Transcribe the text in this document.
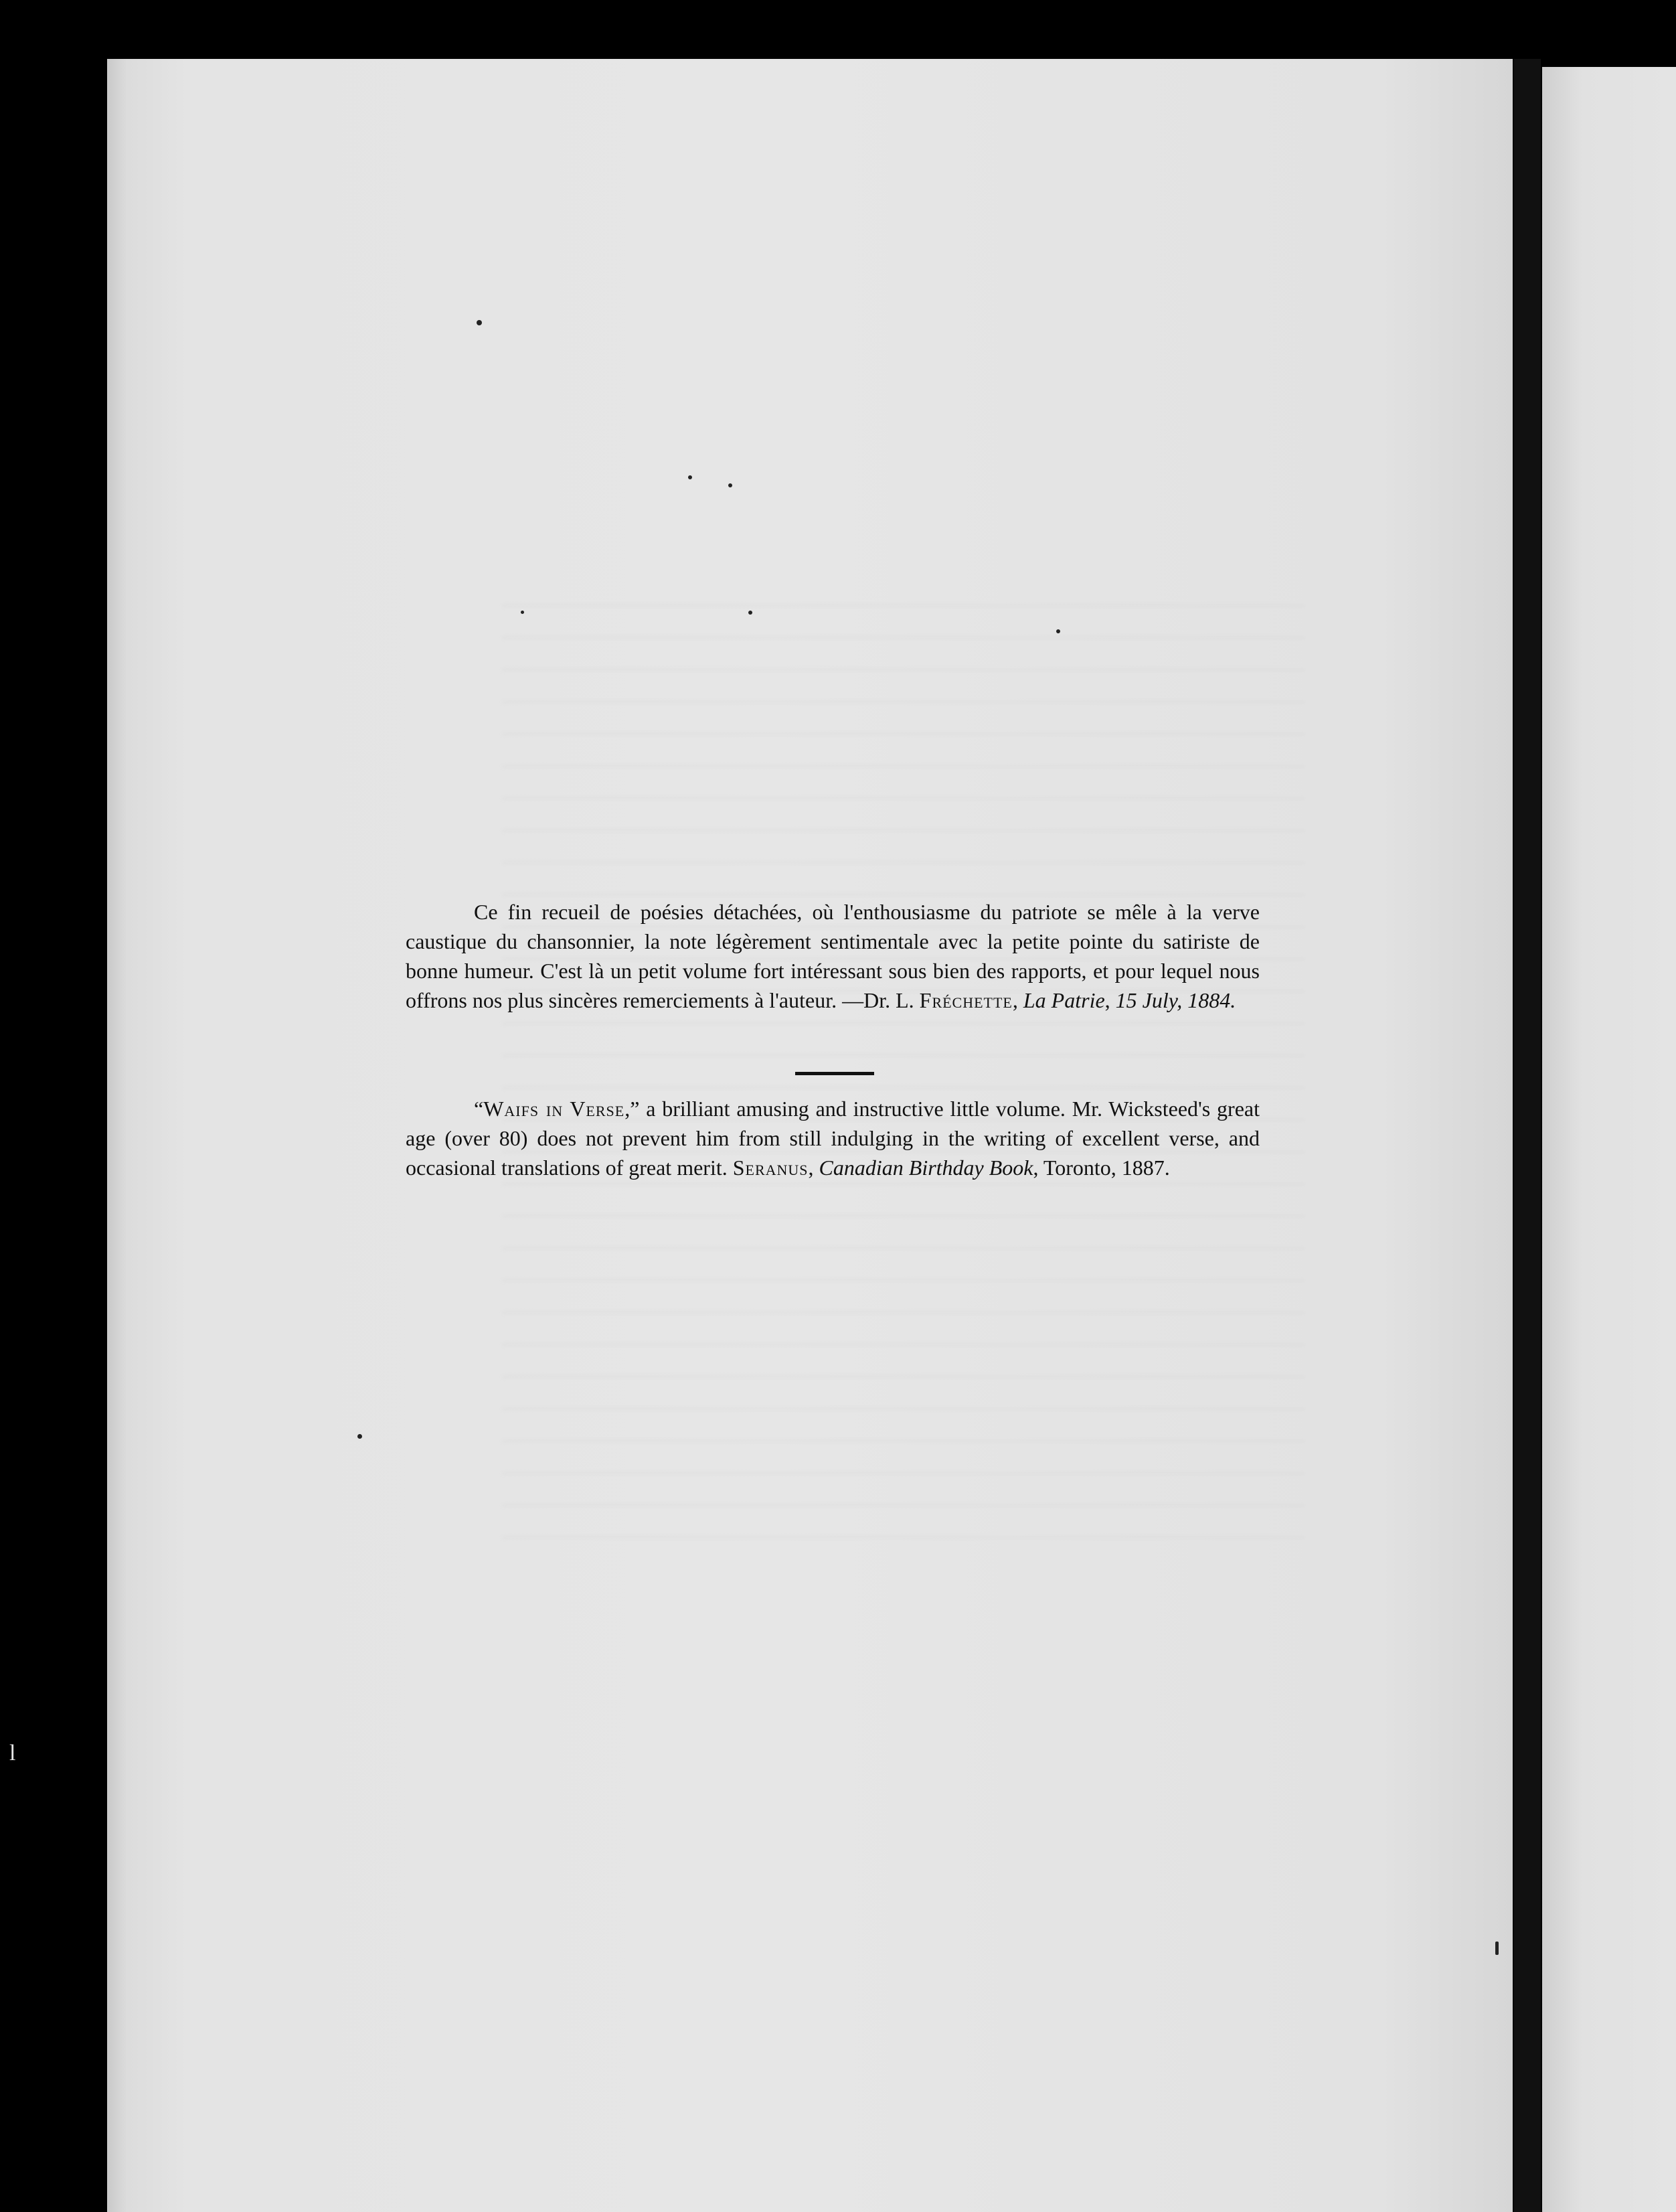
Ce fin recueil de poésies détachées, où l'enthousiasme du patriote se mêle à la verve caustique du chansonnier, la note légèrement sentimentale avec la petite pointe du satiriste de bonne humeur. C'est là un petit volume fort intéressant sous bien des rapports, et pour lequel nous offrons nos plus sincères remerciements à l'auteur. —Dr. L. Fréchette, La Patrie, 15 July, 1884.

“Waifs in Verse,” a brilliant amusing and instructive little volume. Mr. Wicksteed's great age (over 80) does not prevent him from still indulging in the writing of excellent verse, and occasional translations of great merit. Seranus, Canadian Birthday Book, Toronto, 1887.

l
